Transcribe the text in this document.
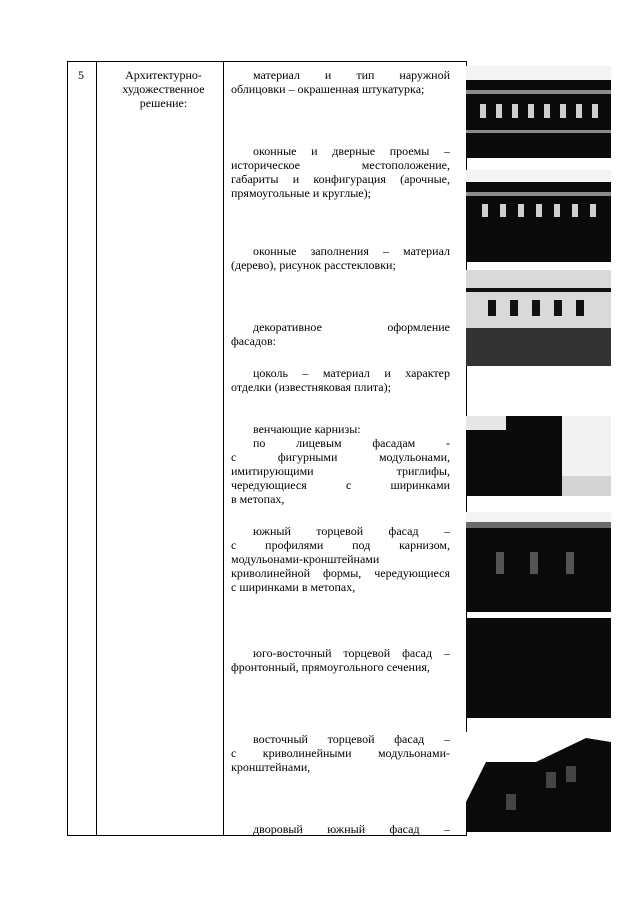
5	Архитектурно-художественное решение:

материал и тип наружной

облицовки – окрашенная штукатурка;

оконные и дверные проемы –

историческое местоположение,

габариты и конфигурация (арочные,

прямоугольные и круглые);

оконные заполнения – материал

(дерево), рисунок расстекловки;

декоративное оформление

фасадов:

цоколь – материал и характер

отделки (известняковая плита);

венчающие карнизы:

по лицевым фасадам -

с фигурными модульонами,

имитирующими триглифы,

чередующиеся с ширинками

в метопах,

южный торцевой фасад –

с профилями под карнизом,

модульонами-кронштейнами

криволинейной формы, чередующиеся

с ширинками в метопах,

юго-восточный торцевой фасад –

фронтонный, прямоугольного сечения,

восточный торцевой фасад –

с криволинейными модульонами-

кронштейнами,

дворовый южный фасад –
